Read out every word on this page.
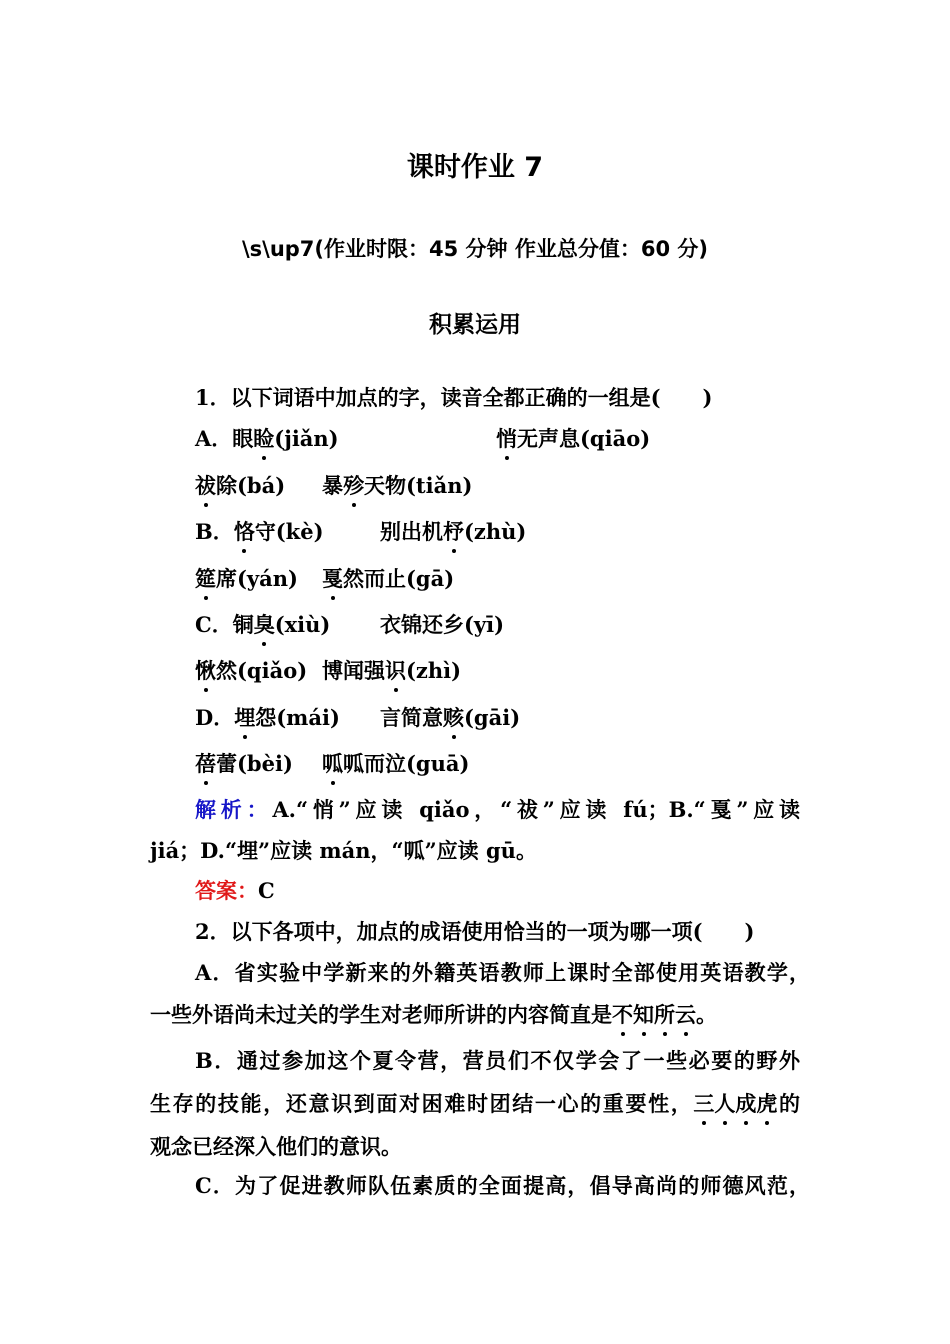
课时作业 7
\s\up7(作业时限：45 分钟 作业总分值：60 分)
积累运用
1．以下词语中加点的字，读音全都正确的一组是(　　)
A．眼睑(jiǎn)	悄无声息(qiāo)
祓除(bá) 暴殄天物(tiǎn)
B．恪守(kè)	别出机杼(zhù)
筵席(yán) 戛然而止(gā)
C．铜臭(xiù) 衣锦还乡(yī)
愀然(qiǎo) 博闻强识(zhì)
D．埋怨(mái) 言简意赅(gāi)
蓓蕾(bèi) 呱呱而泣(guā)
解析：A.“悄”应读 qiǎo，“祓”应读 fú；B.“戛”应读
jiá；D.“埋”应读 mán，“呱”应读 gū。
答案：C
2．以下各项中，加点的成语使用恰当的一项为哪一项(　　)
A．省实验中学新来的外籍英语教师上课时全部使用英语教学，
一些外语尚未过关的学生对老师所讲的内容简直是不知所云。
B．通过参加这个夏令营，营员们不仅学会了一些必要的野外
生存的技能，还意识到面对困难时团结一心的重要性，三人成虎的
观念已经深入他们的意识。
C．为了促进教师队伍素质的全面提高，倡导高尚的师德风范，
